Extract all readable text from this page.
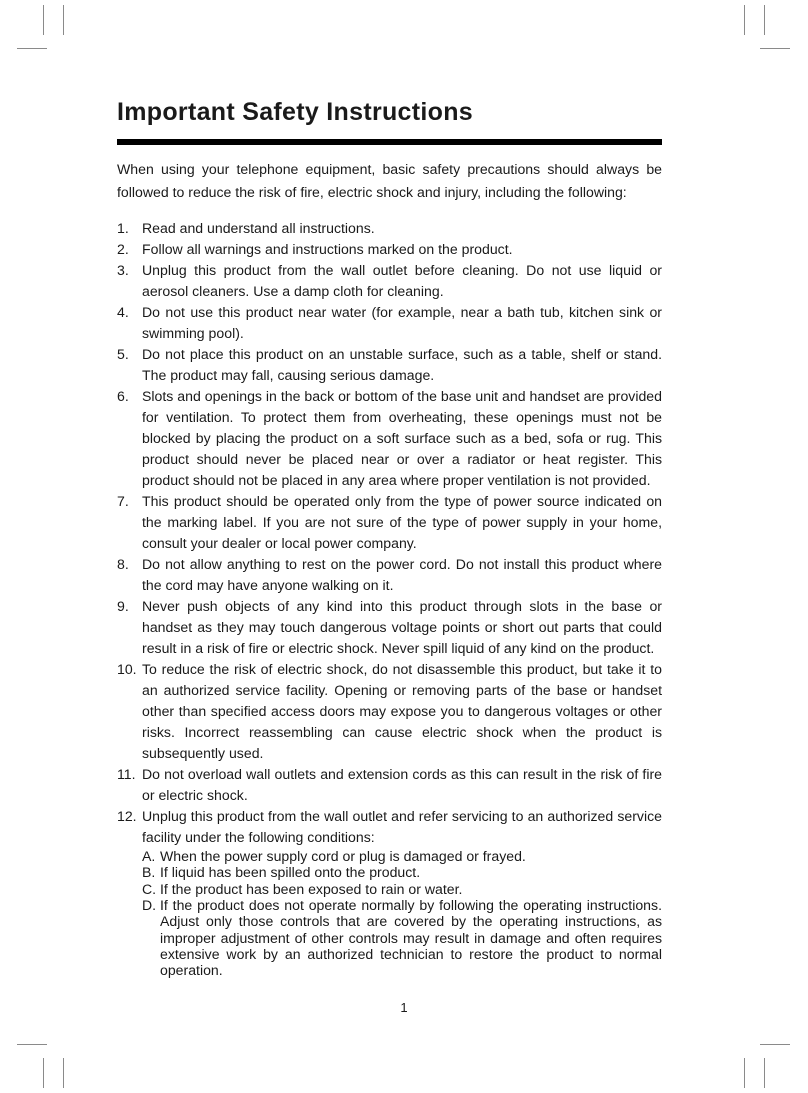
Important Safety Instructions

When using your telephone equipment, basic safety precautions should always be followed to reduce the risk of fire, electric shock and injury, including the following:

1. Read and understand all instructions.
2. Follow all warnings and instructions marked on the product.
3. Unplug this product from the wall outlet before cleaning. Do not use liquid or aerosol cleaners. Use a damp cloth for cleaning.
4. Do not use this product near water (for example, near a bath tub, kitchen sink or swimming pool).
5. Do not place this product on an unstable surface, such as a table, shelf or stand. The product may fall, causing serious damage.
6. Slots and openings in the back or bottom of the base unit and handset are provided for ventilation. To protect them from overheating, these openings must not be blocked by placing the product on a soft surface such as a bed, sofa or rug. This product should never be placed near or over a radiator or heat register. This product should not be placed in any area where proper ventilation is not provided.
7. This product should be operated only from the type of power source indicated on the marking label. If you are not sure of the type of power supply in your home, consult your dealer or local power company.
8. Do not allow anything to rest on the power cord. Do not install this product where the cord may have anyone walking on it.
9. Never push objects of any kind into this product through slots in the base or handset as they may touch dangerous voltage points or short out parts that could result in a risk of fire or electric shock. Never spill liquid of any kind on the product.
10. To reduce the risk of electric shock, do not disassemble this product, but take it to an authorized service facility. Opening or removing parts of the base or handset other than specified access doors may expose you to dangerous voltages or other risks. Incorrect reassembling can cause electric shock when the product is subsequently used.
11. Do not overload wall outlets and extension cords as this can result in the risk of fire or electric shock.
12. Unplug this product from the wall outlet and refer servicing to an authorized service facility under the following conditions:
A. When the power supply cord or plug is damaged or frayed.
B. If liquid has been spilled onto the product.
C. If the product has been exposed to rain or water.
D. If the product does not operate normally by following the operating instructions. Adjust only those controls that are covered by the operating instructions, as improper adjustment of other controls may result in damage and often requires extensive work by an authorized technician to restore the product to normal operation.
1
